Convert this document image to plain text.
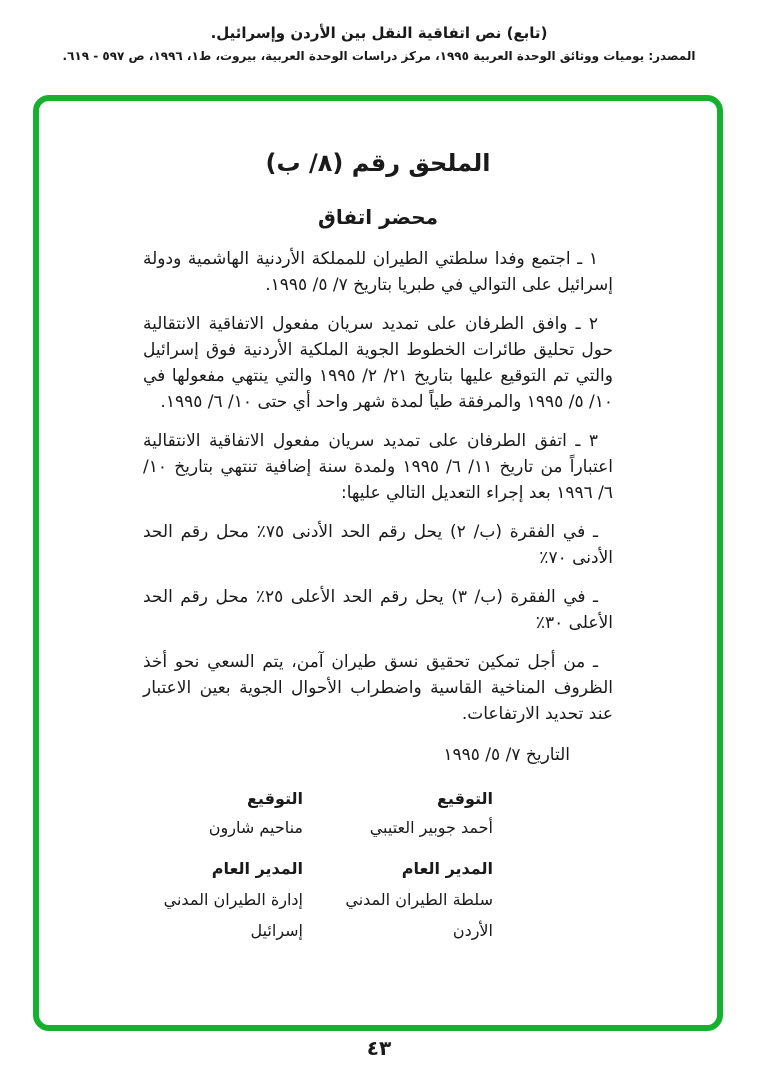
(تابع) نص اتفاقية النقل بين الأردن وإسرائيل.
المصدر: يوميات ووثائق الوحدة العربية ١٩٩٥، مركز دراسات الوحدة العربية، بيروت، ط١، ١٩٩٦، ص ٥٩٧ - ٦١٩.
الملحق رقم (٨/ ب)
محضر اتفاق

١ ـ اجتمع وفدا سلطتي الطيران للمملكة الأردنية الهاشمية ودولة إسرائيل على التوالي في طبريا بتاريخ ٧/ ٥/ ١٩٩٥.

٢ ـ وافق الطرفان على تمديد سريان مفعول الاتفاقية الانتقالية حول تحليق طائرات الخطوط الجوية الملكية الأردنية فوق إسرائيل والتي تم التوقيع عليها بتاريخ ٢١/ ٢/ ١٩٩٥ والتي ينتهي مفعولها في ١٠/ ٥/ ١٩٩٥ والمرفقة طياً لمدة شهر واحد أي حتى ١٠/ ٦/ ١٩٩٥.

٣ ـ اتفق الطرفان على تمديد سريان مفعول الاتفاقية الانتقالية اعتباراً من تاريخ ١١/ ٦/ ١٩٩٥ ولمدة سنة إضافية تنتهي بتاريخ ١٠/ ٦/ ١٩٩٦ بعد إجراء التعديل التالي عليها:

ـ في الفقرة (ب/ ٢) يحل رقم الحد الأدنى ٧٥٪ محل رقم الحد الأدنى ٧٠٪

ـ في الفقرة (ب/ ٣) يحل رقم الحد الأعلى ٢٥٪ محل رقم الحد الأعلى ٣٠٪

ـ من أجل تمكين تحقيق نسق طيران آمن، يتم السعي نحو أخذ الظروف المناخية القاسية واضطراب الأحوال الجوية بعين الاعتبار عند تحديد الارتفاعات.

التاريخ ٧/ ٥/ ١٩٩٥

التوقيع
أحمد جوبير العتيبي
المدير العام
سلطة الطيران المدني
الأردن
التوقيع
مناحيم شارون
المدير العام
إدارة الطيران المدني
إسرائيل
٤٣
